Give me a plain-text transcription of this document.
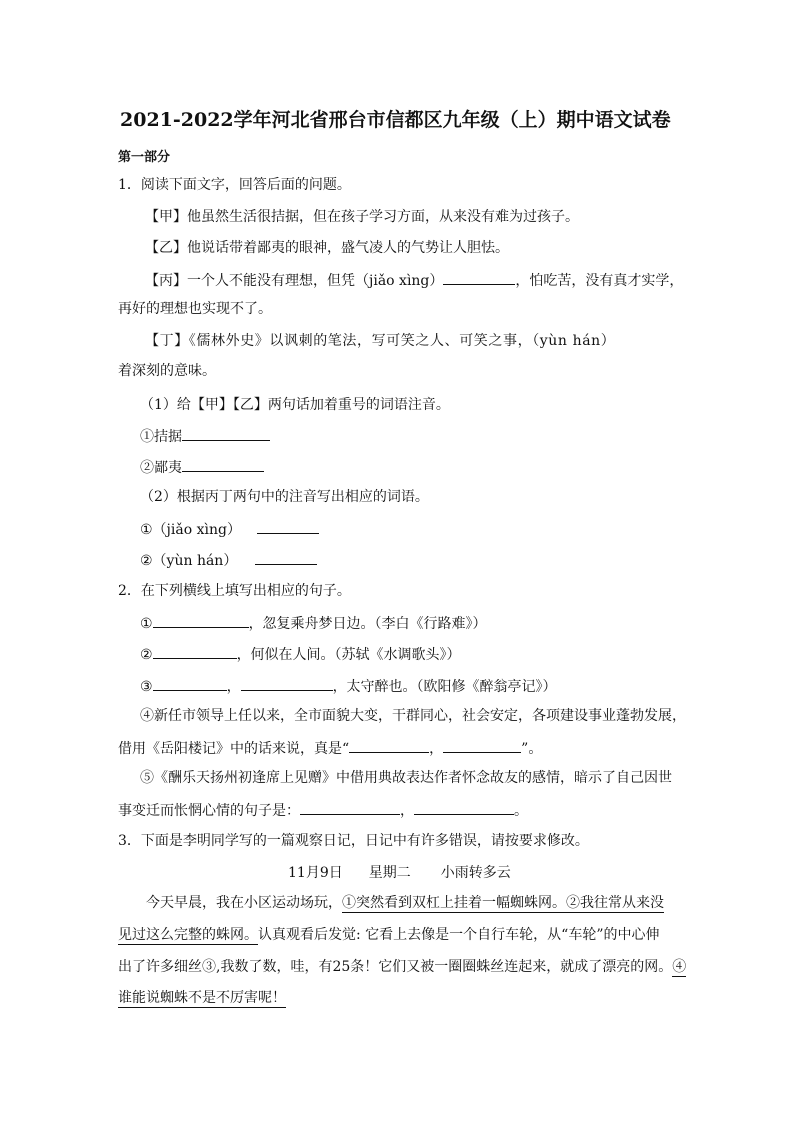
2021-2022学年河北省邢台市信都区九年级（上）期中语文试卷
第一部分
1．阅读下面文字，回答后面的问题。
【甲】他虽然生活很拮据，但在孩子学习方面，从来没有难为过孩子。
【乙】他说话带着鄙夷的眼神，盛气凌人的气势让人胆怯。
【丙】一个人不能没有理想，但凭（jiǎo xìng）	，怕吃苦，没有真才实学，
再好的理想也实现不了。
【丁】《儒林外史》以讽刺的笔法，写可笑之人、可笑之事，（yùn hán）
着深刻的意味。
（1）给【甲】【乙】两句话加着重号的词语注音。
①拮据
②鄙夷
（2）根据丙丁两句中的注音写出相应的词语。
①（jiǎo xìng）
②（yùn hán）
2．在下列横线上填写出相应的句子。
①	，忽复乘舟梦日边。（李白《行路难》）
②	，何似在人间。（苏轼《水调歌头》）
③	，	，太守醉也。（欧阳修《醉翁亭记》）
④新任市领导上任以来，全市面貌大变，干群同心，社会安定，各项建设事业蓬勃发展，
借用《岳阳楼记》中的话来说，真是“	，	”。
⑤《酬乐天扬州初逢席上见赠》中借用典故表达作者怀念故友的感情，暗示了自己因世
事变迁而怅惘心情的句子是：	，	。
3．下面是李明同学写的一篇观察日记，日记中有许多错误，请按要求修改。
11月9日 星期二 小雨转多云
今天早晨，我在小区运动场玩，①突然看到双杠上挂着一幅蜘蛛网。②我往常从来没
见过这么完整的蛛网。认真观看后发觉: 它看上去像是一个自行车轮，从“车轮”的中心伸
出了许多细丝③,我数了数，哇，有25条！它们又被一圈圈蛛丝连起来，就成了漂亮的网。④
谁能说蜘蛛不是不厉害呢！
